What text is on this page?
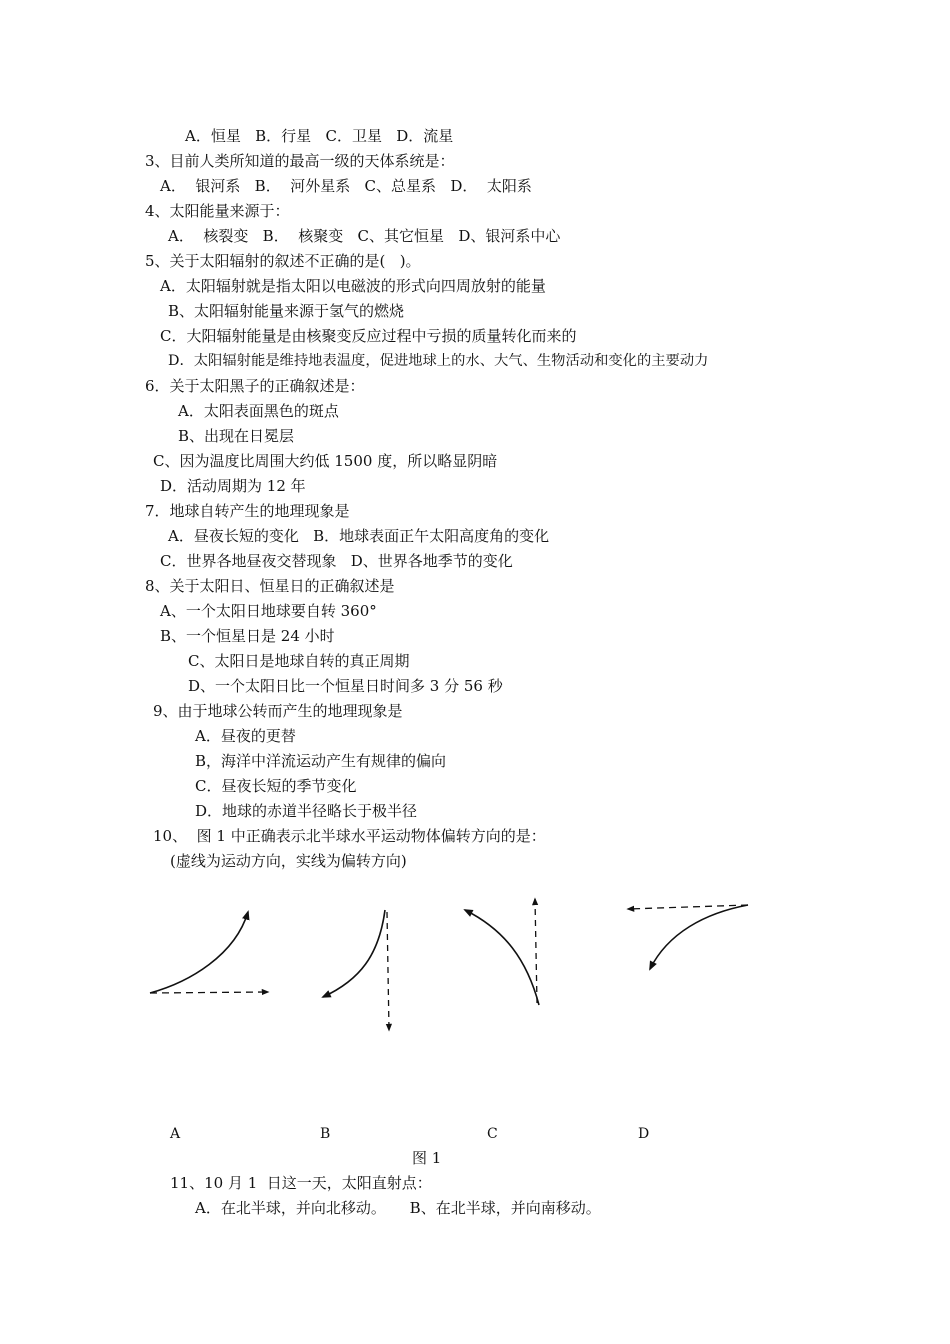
A．恒星   B．行星   C．卫星   D．流星
3、目前人类所知道的最高一级的天体系统是：
A．  银河系   B．  河外星系   C、总星系   D．  太阳系
4、太阳能量来源于：
A．  核裂变   B．  核聚变   C、其它恒星   D、银河系中心
5、关于太阳辐射的叙述不正确的是(   )。
A．太阳辐射就是指太阳以电磁波的形式向四周放射的能量
B、太阳辐射能量来源于氢气的燃烧
C．大阳辐射能量是由核聚变反应过程中亏损的质量转化而来的
D．太阳辐射能是维持地表温度，促进地球上的水、大气、生物活动和变化的主要动力
6．关于太阳黑子的正确叙述是：
A．太阳表面黑色的斑点
B、出现在日冕层
C、因为温度比周围大约低 1500 度，所以略显阴暗
D．活动周期为 12 年
7．地球自转产生的地理现象是
A．昼夜长短的变化   B．地球表面正午太阳高度角的变化
C．世界各地昼夜交替现象   D、世界各地季节的变化
8、关于太阳日、恒星日的正确叙述是
A、一个太阳日地球要自转 360°
B、一个恒星日是 24 小时
C、太阳日是地球自转的真正周期
D、一个太阳日比一个恒星日时间多 3 分 56 秒
9、由于地球公转而产生的地理现象是
A．昼夜的更替
B，海洋中洋流运动产生有规律的偏向
C．昼夜长短的季节变化
D．地球的赤道半径略长于极半径
10、  图 1 中正确表示北半球水平运动物体偏转方向的是：
(虚线为运动方向，实线为偏转方向)
A	B	C	D
图 1
11、10 月 1  日这一天，太阳直射点：
A．在北半球，并向北移动。     B、在北半球，并向南移动。
